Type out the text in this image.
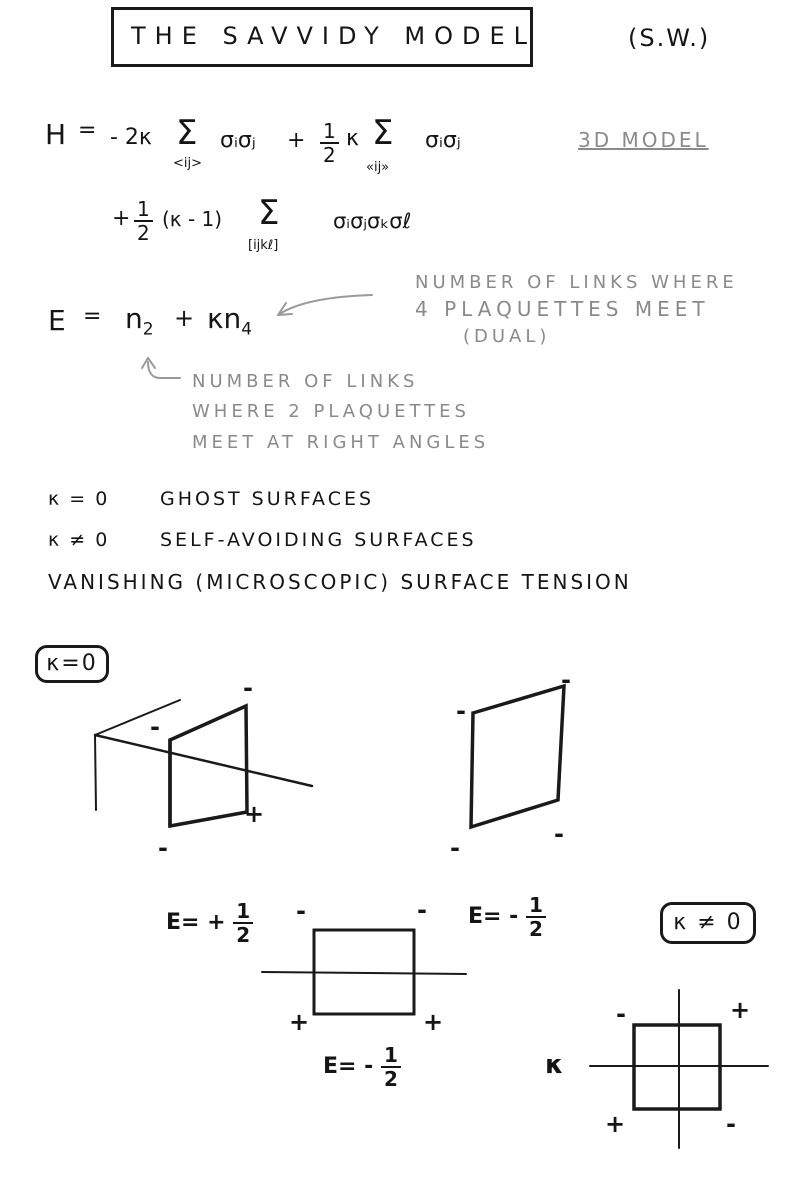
THE SAVVIDY MODEL	(S.W.)
H = - 2κ Σ
<ij>
σᵢσⱼ + $\frac{1}{2}$ κ Σ
«ij»
σᵢσⱼ	3D MODEL
+ $\frac{1}{2} (\kappa - 1)$ Σ
[ijkℓ]
σᵢσⱼσₖσℓ
$E = n_2 + \kappa n_4$
NUMBER OF LINKS WHERE
4 PLAQUETTES MEET
(DUAL)
NUMBER OF LINKS
WHERE 2 PLAQUETTES
MEET AT RIGHT ANGLES
κ = 0	GHOST SURFACES
κ ≠ 0	SELF-AVOIDING SURFACES
VANISHING (MICROSCOPIC) SURFACE TENSION
κ=0
κ ≠ 0
-
-
+
-
-
-
-
-
-	-
+	+	-	+
+	-
$E= + \frac{1}{2}$	$E= - \frac{1}{2}$
$E= - \frac{1}{2}$	κ
